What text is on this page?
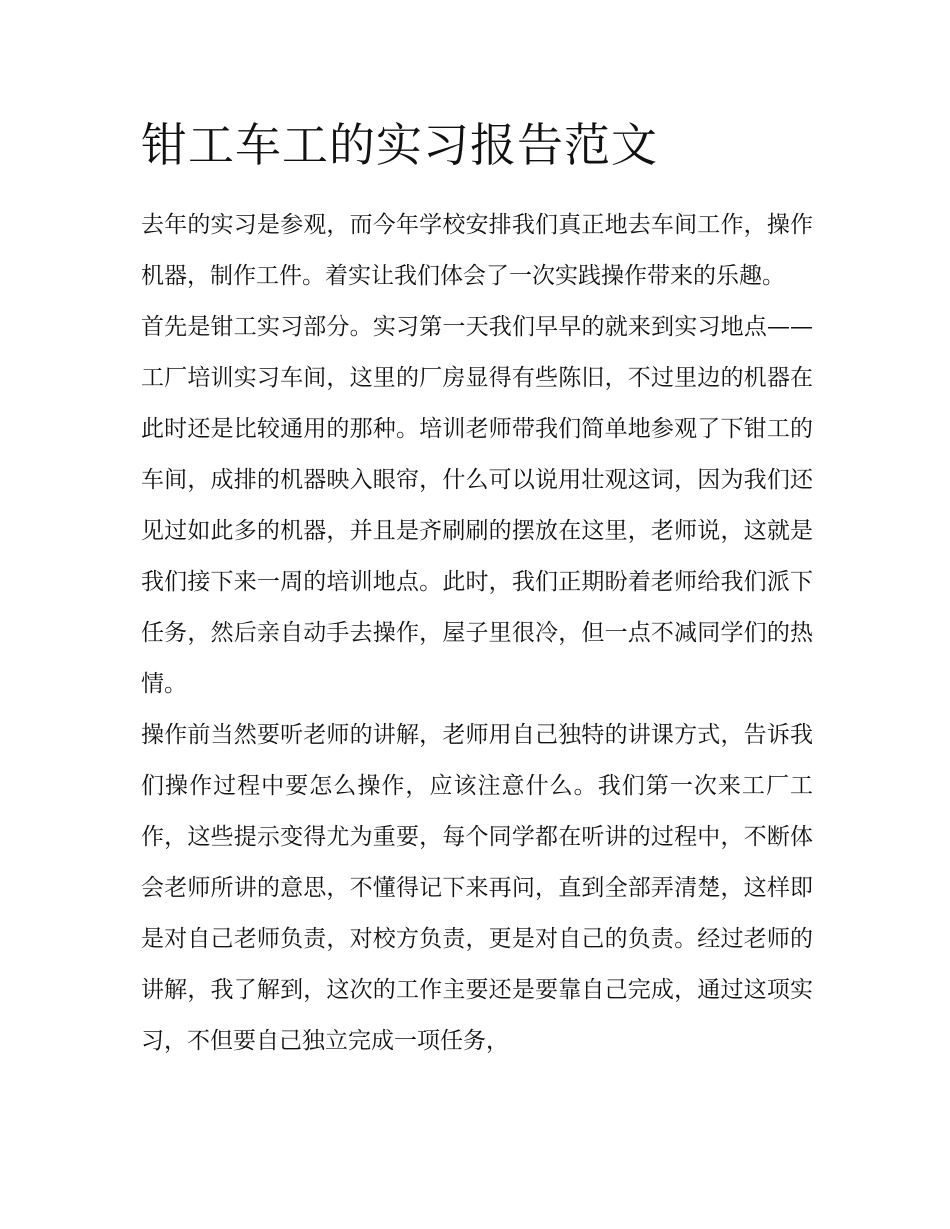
钳工车工的实习报告范文

去年的实习是参观，而今年学校安排我们真正地去车间工作，操作机器，制作工件。着实让我们体会了一次实践操作带来的乐趣。

首先是钳工实习部分。实习第一天我们早早的就来到实习地点——工厂培训实习车间，这里的厂房显得有些陈旧，不过里边的机器在此时还是比较通用的那种。培训老师带我们简单地参观了下钳工的车间，成排的机器映入眼帘，什么可以说用壮观这词，因为我们还见过如此多的机器，并且是齐刷刷的摆放在这里，老师说，这就是我们接下来一周的培训地点。此时，我们正期盼着老师给我们派下任务，然后亲自动手去操作，屋子里很冷，但一点不减同学们的热情。

操作前当然要听老师的讲解，老师用自己独特的讲课方式，告诉我们操作过程中要怎么操作，应该注意什么。我们第一次来工厂工作，这些提示变得尤为重要，每个同学都在听讲的过程中，不断体会老师所讲的意思，不懂得记下来再问，直到全部弄清楚，这样即是对自己老师负责，对校方负责，更是对自己的负责。经过老师的讲解，我了解到，这次的工作主要还是要靠自己完成，通过这项实习，不但要自己独立完成一项任务，
